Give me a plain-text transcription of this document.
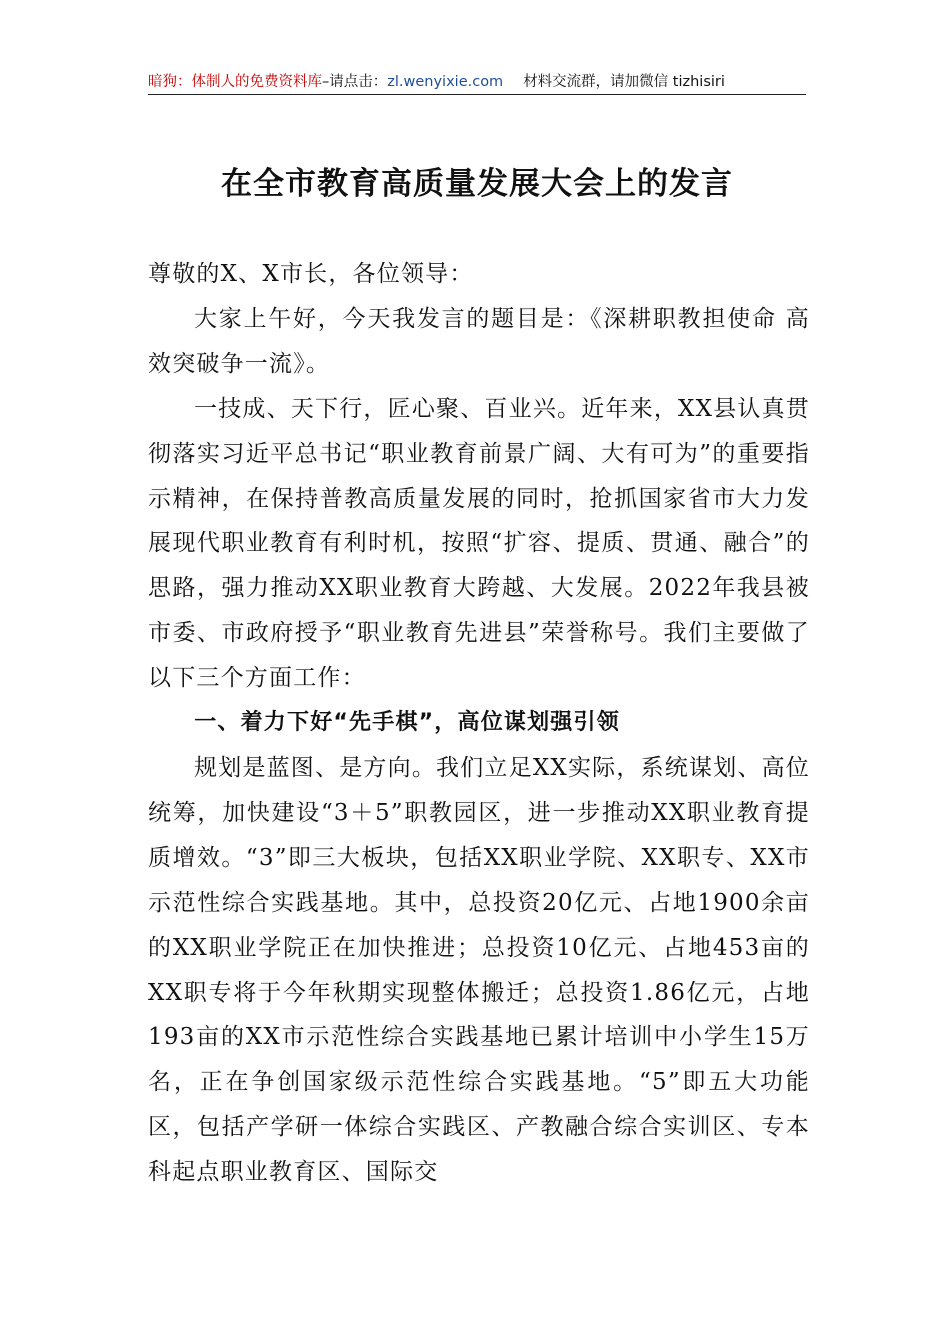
暗狗：体制人的免费资料库–请点击：zl.wenyixie.com 材料交流群，请加微信 tizhisiri
在全市教育高质量发展大会上的发言

尊敬的X、X市长，各位领导：

大家上午好，今天我发言的题目是：《深耕职教担使命 高效突破争一流》。

一技成、天下行，匠心聚、百业兴。近年来，XX县认真贯彻落实习近平总书记“职业教育前景广阔、大有可为”的重要指示精神，在保持普教高质量发展的同时，抢抓国家省市大力发展现代职业教育有利时机，按照“扩容、提质、贯通、融合”的思路，强力推动XX职业教育大跨越、大发展。2022年我县被市委、市政府授予“职业教育先进县”荣誉称号。我们主要做了以下三个方面工作：

一、着力下好“先手棋”，高位谋划强引领

规划是蓝图、是方向。我们立足XX实际，系统谋划、高位统筹，加快建设“3＋5”职教园区，进一步推动XX职业教育提质增效。“3”即三大板块，包括XX职业学院、XX职专、XX市示范性综合实践基地。其中，总投资20亿元、占地1900余亩的XX职业学院正在加快推进；总投资10亿元、占地453亩的XX职专将于今年秋期实现整体搬迁；总投资1.86亿元，占地193亩的XX市示范性综合实践基地已累计培训中小学生15万名，正在争创国家级示范性综合实践基地。“5”即五大功能区，包括产学研一体综合实践区、产教融合综合实训区、专本科起点职业教育区、国际交
